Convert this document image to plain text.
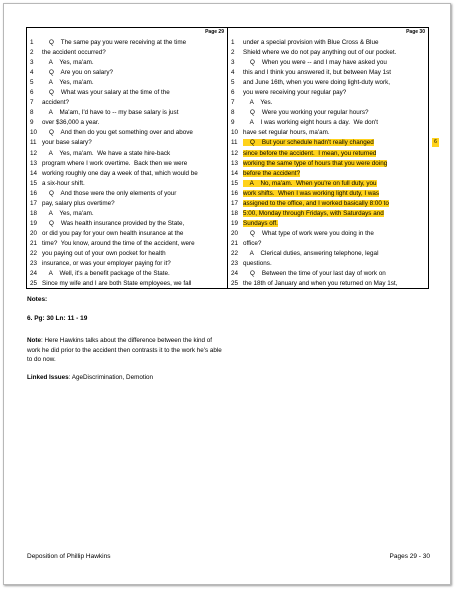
Page 29
1	Q    The same pay you were receiving at the time
2	the accident occurred?
3	A    Yes, ma'am.
4	Q    Are you on salary?
5	A    Yes, ma'am.
6	Q    What was your salary at the time of the
7	accident?
8	A    Ma'am, I'd have to -- my base salary is just
9	over $36,000 a year.
10 Q    And then do you get something over and above
11 your base salary?
12 A    Yes, ma'am.  We have a state hire-back
13 program where I work overtime.  Back then we were
14 working roughly one day a week of that, which would be
15 a six-hour shift.
16 Q    And those were the only elements of your
17 pay, salary plus overtime?
18 A    Yes, ma'am.
19 Q    Was health insurance provided by the State,
20 or did you pay for your own health insurance at the
21 time?  You know, around the time of the accident, were
22 you paying out of your own pocket for health
23 insurance, or was your employer paying for it?
24 A    Well, it's a benefit package of the State.
25 Since my wife and I are both State employees, we fall
Page 30
1	under a special provision with Blue Cross & Blue
2	Shield where we do not pay anything out of our pocket.
3	Q    When you were -- and I may have asked you
4	this and I think you answered it, but between May 1st
5	and June 16th, when you were doing light-duty work,
6	you were receiving your regular pay?
7	A    Yes.
8	Q    Were you working your regular hours?
9	A    I was working eight hours a day.  We don't
10 have set regular hours, ma'am.
11 Q    But your schedule hadn't really changed
12 since before the accident.  I mean, you returned
13 working the same type of hours that you were doing
14 before the accident?
15 A    No, ma'am.  When you're on full duty, you
16 work shifts.  When I was working light duty, I was
17 assigned to the office, and I worked basically 8:00 to
18 5:00, Monday through Fridays, with Saturdays and
19 Sundays off.
20 Q    What type of work were you doing in the
21 office?
22 A    Clerical duties, answering telephone, legal
23 questions.
24 Q    Between the time of your last day of work on
25 the 18th of January and when you returned on May 1st,
6
Notes:
6. Pg: 30 Ln: 11 - 19
Note: Here Hawkins talks about the difference between the kind of work he did prior to the accident then contrasts it to the work he's able to do now.
Linked Issues: AgeDiscrimination, Demotion
Deposition of Phillip Hawkins	Pages 29 - 30
